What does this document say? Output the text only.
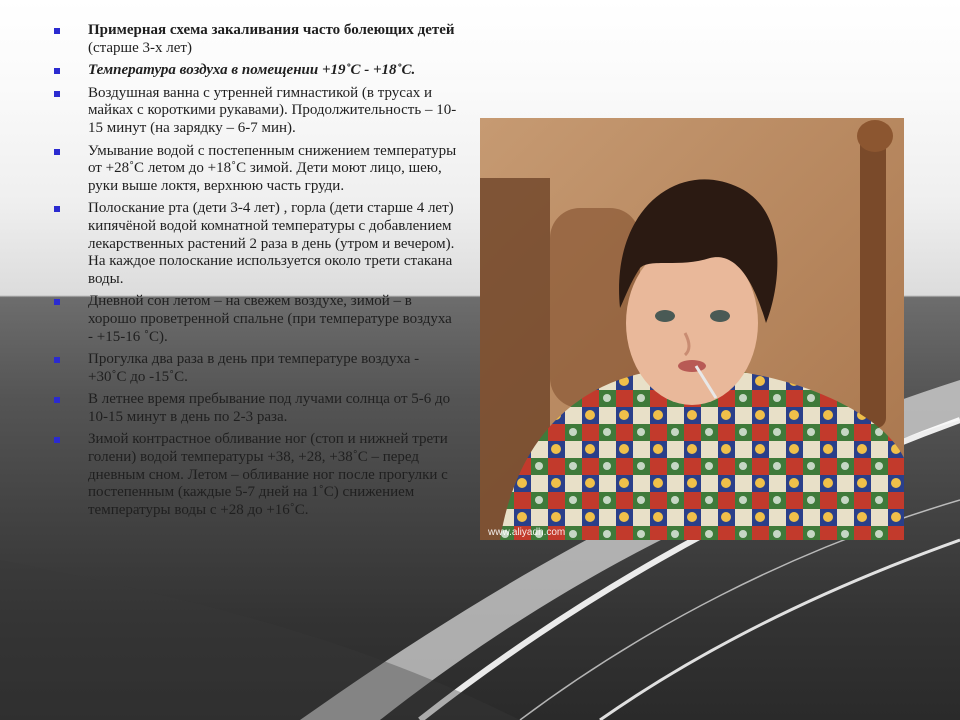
Примерная схема закаливания часто болеющих детей (старше 3-х лет)
Температура воздуха в помещении +19˚С - +18˚С.
Воздушная ванна с утренней гимнастикой (в трусах и майках с короткими рукавами). Продолжительность – 10-15 минут (на зарядку – 6-7 мин).
Умывание водой с постепенным снижением температуры от +28˚С летом до +18˚С зимой. Дети моют лицо, шею, руки выше локтя, верхнюю часть груди.
Полоскание рта (дети 3-4 лет) , горла (дети старше 4 лет) кипячёной водой комнатной температуры с добавлением лекарственных растений 2 раза в день (утром и вечером). На каждое полоскание используется около трети стакана воды.
Дневной сон летом – на свежем воздухе, зимой – в хорошо проветренной спальне (при температуре воздуха - +15-16 ˚С).
Прогулка два раза в день при температуре воздуха - +30˚С до -15˚С.
В летнее время пребывание под лучами солнца от 5-6 до 10-15 минут в день по 2-3 раза.
Зимой контрастное обливание ног (стоп и нижней трети голени) водой температуры +38, +28, +38˚С – перед дневным сном. Летом – обливание ног после прогулки с постепенным (каждые 5-7 дней на 1˚С) снижением температуры воды с +28 до +16˚С.
www.aliyadh.com
